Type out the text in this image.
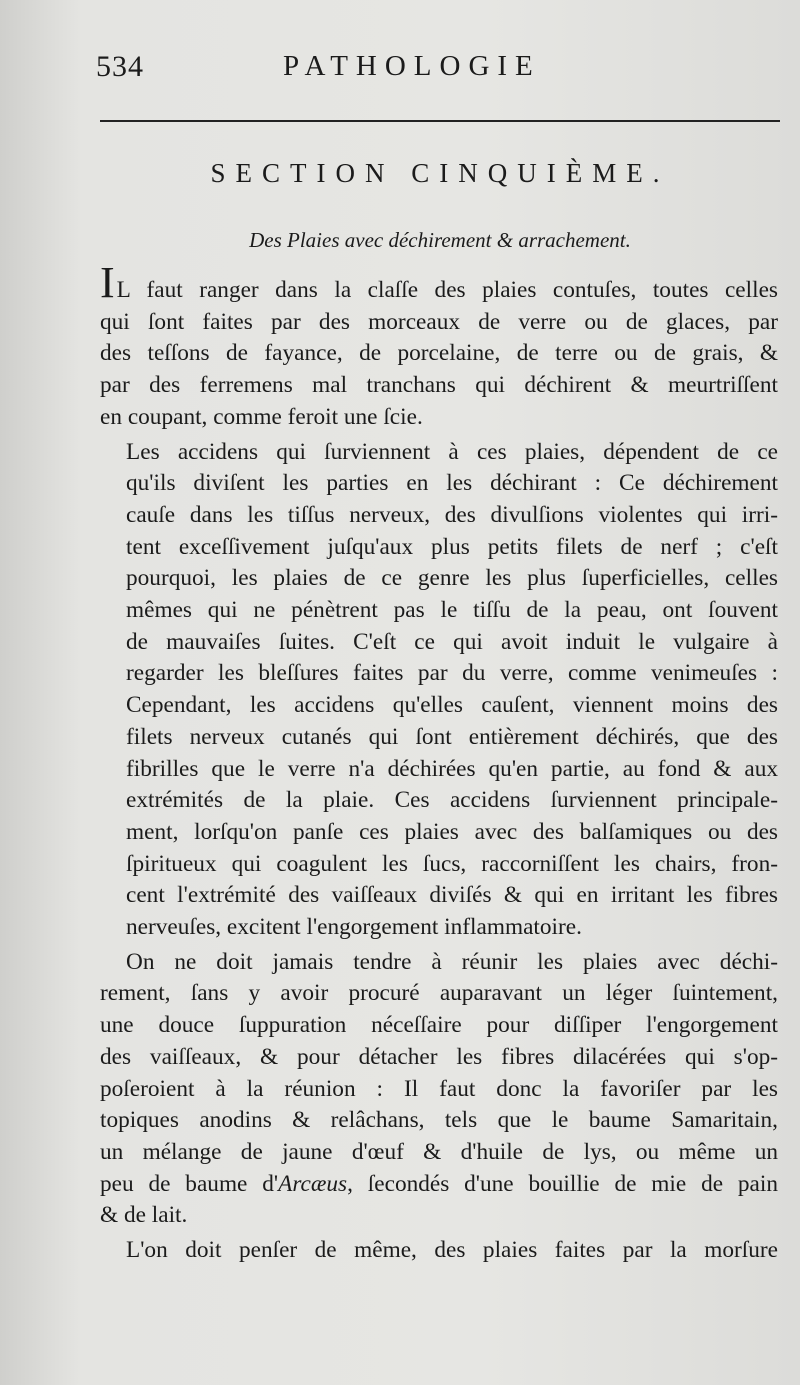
534	PATHOLOGIE
SECTION CINQUIÈME.
Des Plaies avec déchirement & arrachement.

IL faut ranger dans la claſſe des plaies contuſes, toutes celles
qui ſont faites par des morceaux de verre ou de glaces, par
des teſſons de fayance, de porcelaine, de terre ou de grais, &
par des ferremens mal tranchans qui déchirent & meurtriſſent
en coupant, comme feroit une ſcie.

Les accidens qui ſurviennent à ces plaies, dépendent de ce
qu'ils diviſent les parties en les déchirant : Ce déchirement
cauſe dans les tiſſus nerveux, des divulſions violentes qui irri-
tent exceſſivement juſqu'aux plus petits filets de nerf ; c'eſt
pourquoi, les plaies de ce genre les plus ſuperficielles, celles
mêmes qui ne pénètrent pas le tiſſu de la peau, ont ſouvent
de mauvaiſes ſuites. C'eſt ce qui avoit induit le vulgaire à
regarder les bleſſures faites par du verre, comme venimeuſes :
Cependant, les accidens qu'elles cauſent, viennent moins des
filets nerveux cutanés qui ſont entièrement déchirés, que des
fibrilles que le verre n'a déchirées qu'en partie, au fond & aux
extrémités de la plaie. Ces accidens ſurviennent principale-
ment, lorſqu'on panſe ces plaies avec des balſamiques ou des
ſpiritueux qui coagulent les ſucs, raccorniſſent les chairs, fron-
cent l'extrémité des vaiſſeaux diviſés & qui en irritant les fibres
nerveuſes, excitent l'engorgement inflammatoire.

On ne doit jamais tendre à réunir les plaies avec déchi-
rement, ſans y avoir procuré auparavant un léger ſuintement,
une douce ſuppuration néceſſaire pour diſſiper l'engorgement
des vaiſſeaux, & pour détacher les fibres dilacérées qui s'op-
poſeroient à la réunion : Il faut donc la favoriſer par les
topiques anodins & relâchans, tels que le baume Samaritain,
un mélange de jaune d'œuf & d'huile de lys, ou même un
peu de baume d'Arcæus, ſecondés d'une bouillie de mie de pain
& de lait.

L'on doit penſer de même, des plaies faites par la morſure
